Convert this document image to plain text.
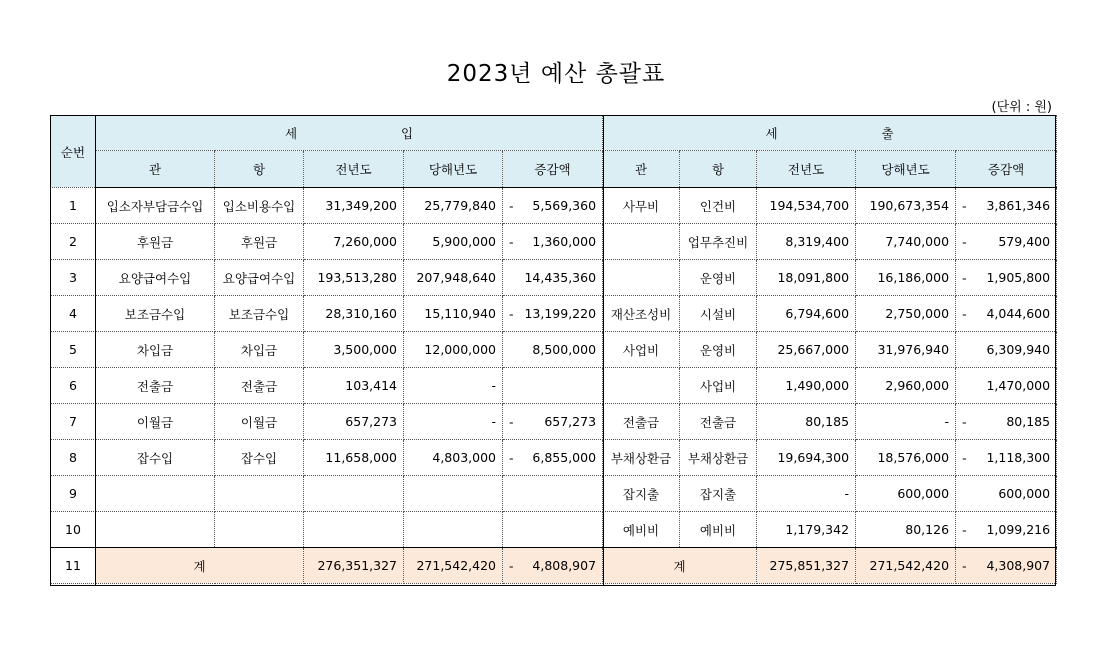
2023년 예산 총괄표
(단위 : 원)
순번	세 입					세 출				
	관	항	전년도	당해년도	증감액	관	항	전년도	당해년도	증감액
1	입소자부담금수입	입소비용수입	31,349,200	25,779,840	- 5,569,360	사무비	인건비	194,534,700	190,673,354	- 3,861,346
2	후원금	후원금	7,260,000	5,900,000	- 1,360,000		업무추진비	8,319,400	7,740,000	- 579,400
3	요양급여수입	요양급여수입	193,513,280	207,948,640	14,435,360		운영비	18,091,800	16,186,000	- 1,905,800
4	보조금수입	보조금수입	28,310,160	15,110,940	- 13,199,220	재산조성비	시설비	6,794,600	2,750,000	- 4,044,600
5	차입금	차입금	3,500,000	12,000,000	8,500,000	사업비	운영비	25,667,000	31,976,940	6,309,940
6	전출금	전출금	103,414	-			사업비	1,490,000	2,960,000	1,470,000
7	이월금	이월금	657,273	-	- 657,273	전출금	전출금	80,185	-	- 80,185
8	잡수입	잡수입	11,658,000	4,803,000	- 6,855,000	부채상환금	부채상환금	19,694,300	18,576,000	- 1,118,300
9						잡지출	잡지출	-	600,000	600,000
10						예비비	예비비	1,179,342	80,126	- 1,099,216
11	계		276,351,327	271,542,420	- 4,808,907	계		275,851,327	271,542,420	- 4,308,907
